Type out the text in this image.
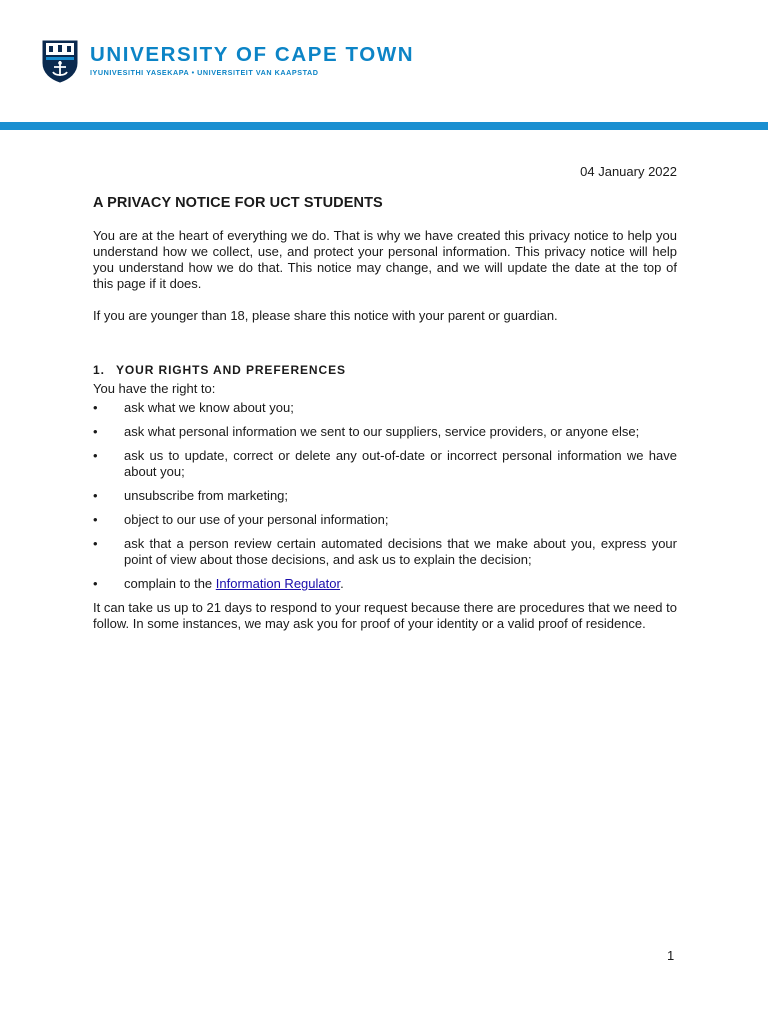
UNIVERSITY OF CAPE TOWN
IYUNIVESITHI YASEKAPA • UNIVERSITEIT VAN KAAPSTAD

04 January 2022

A PRIVACY NOTICE FOR UCT STUDENTS

You are at the heart of everything we do. That is why we have created this privacy notice to help you understand how we collect, use, and protect your personal information. This privacy notice will help you understand how we do that. This notice may change, and we will update the date at the top of this page if it does.

If you are younger than 18, please share this notice with your parent or guardian.

1. YOUR RIGHTS AND PREFERENCES

You have the right to:

• ask what we know about you;
• ask what personal information we sent to our suppliers, service providers, or anyone else;
• ask us to update, correct or delete any out-of-date or incorrect personal information we have about you;
• unsubscribe from marketing;
• object to our use of your personal information;
• ask that a person review certain automated decisions that we make about you, express your point of view about those decisions, and ask us to explain the decision;
• complain to the Information Regulator.

It can take us up to 21 days to respond to your request because there are procedures that we need to follow. In some instances, we may ask you for proof of your identity or a valid proof of residence.

1
